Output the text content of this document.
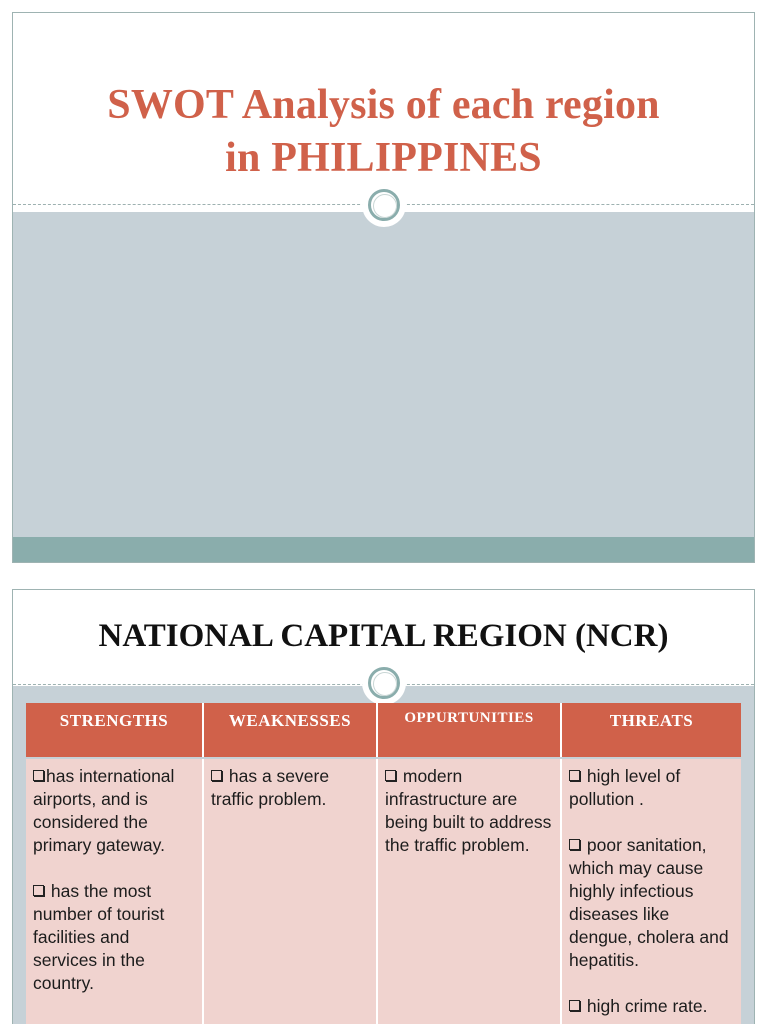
SWOT Analysis of each region
in PHILIPPINES
NATIONAL CAPITAL REGION (NCR)
STRENGTHS
has international airports, and is considered the primary gateway.
has the most number of tourist facilities and services in the country.
WEAKNESSES
has a severe traffic problem.
OPPURTUNITIES
modern infrastructure are being built to address the traffic problem.
THREATS
high level of pollution .
poor sanitation, which may cause highly infectious diseases like dengue, cholera and hepatitis.
high crime rate.
